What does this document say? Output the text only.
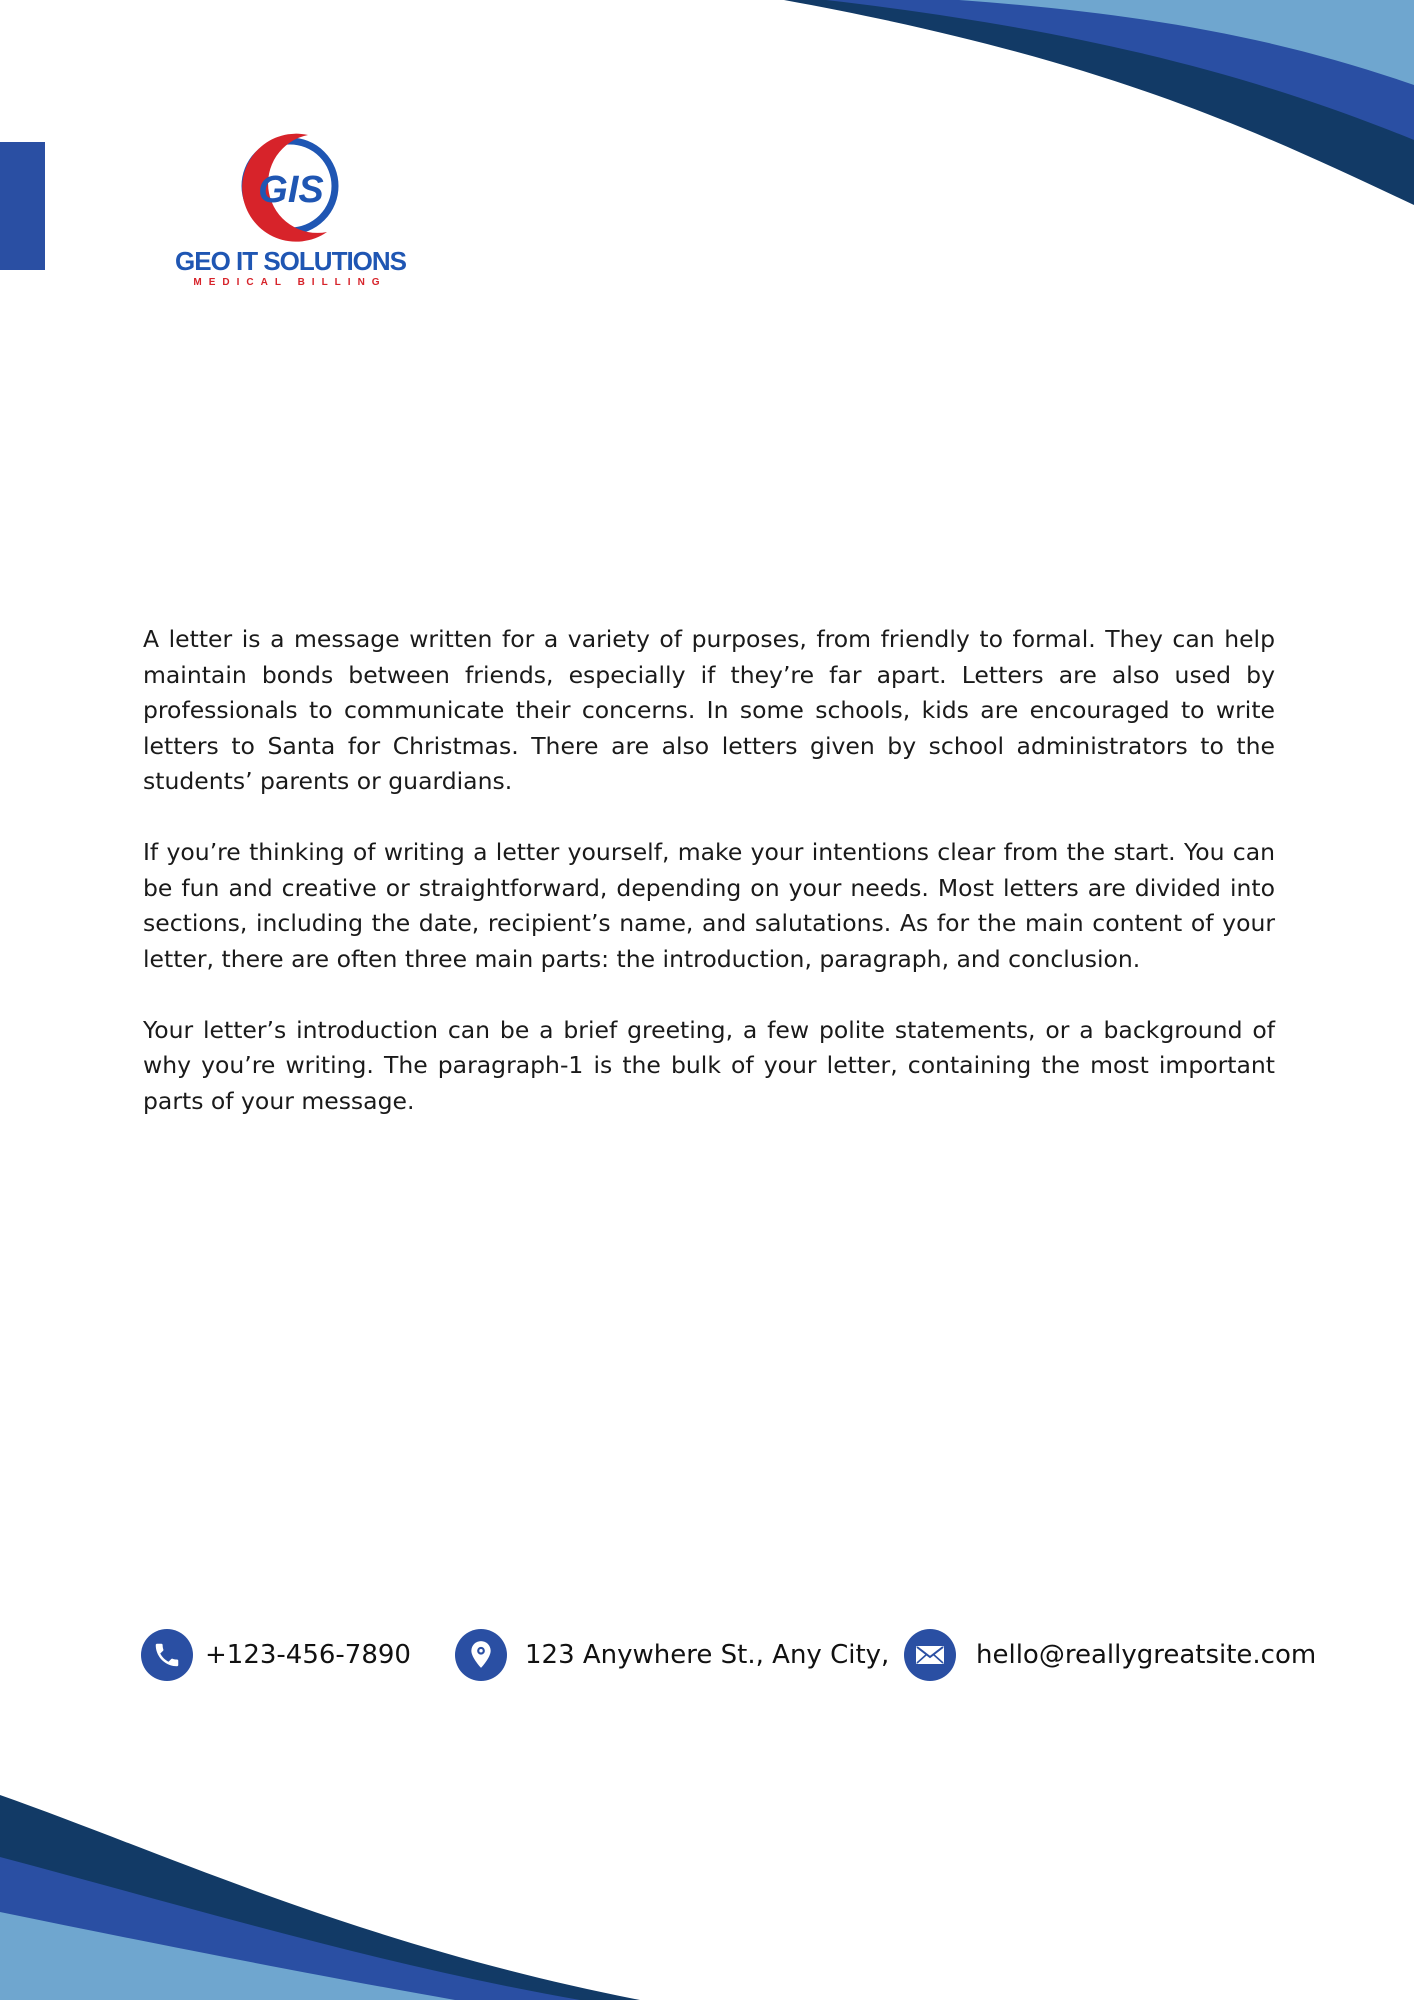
GIS
GEO IT SOLUTIONS
MEDICAL BILLING

A letter is a message written for a variety of purposes, from friendly to formal. They can help maintain bonds between friends, especially if they’re far apart. Letters are also used by professionals to communicate their concerns. In some schools, kids are encouraged to write letters to Santa for Christmas. There are also letters given by school administrators to the students’ parents or guardians.

If you’re thinking of writing a letter yourself, make your intentions clear from the start. You can be fun and creative or straightforward, depending on your needs. Most letters are divided into sections, including the date, recipient’s name, and salutations. As for the main content of your letter, there are often three main parts: the introduction, paragraph, and conclusion.

Your letter’s introduction can be a brief greeting, a few polite statements, or a background of why you’re writing. The paragraph-1 is the bulk of your letter, containing the most important parts of your message.

+123-456-7890	123 Anywhere St., Any City,	hello@reallygreatsite.com
